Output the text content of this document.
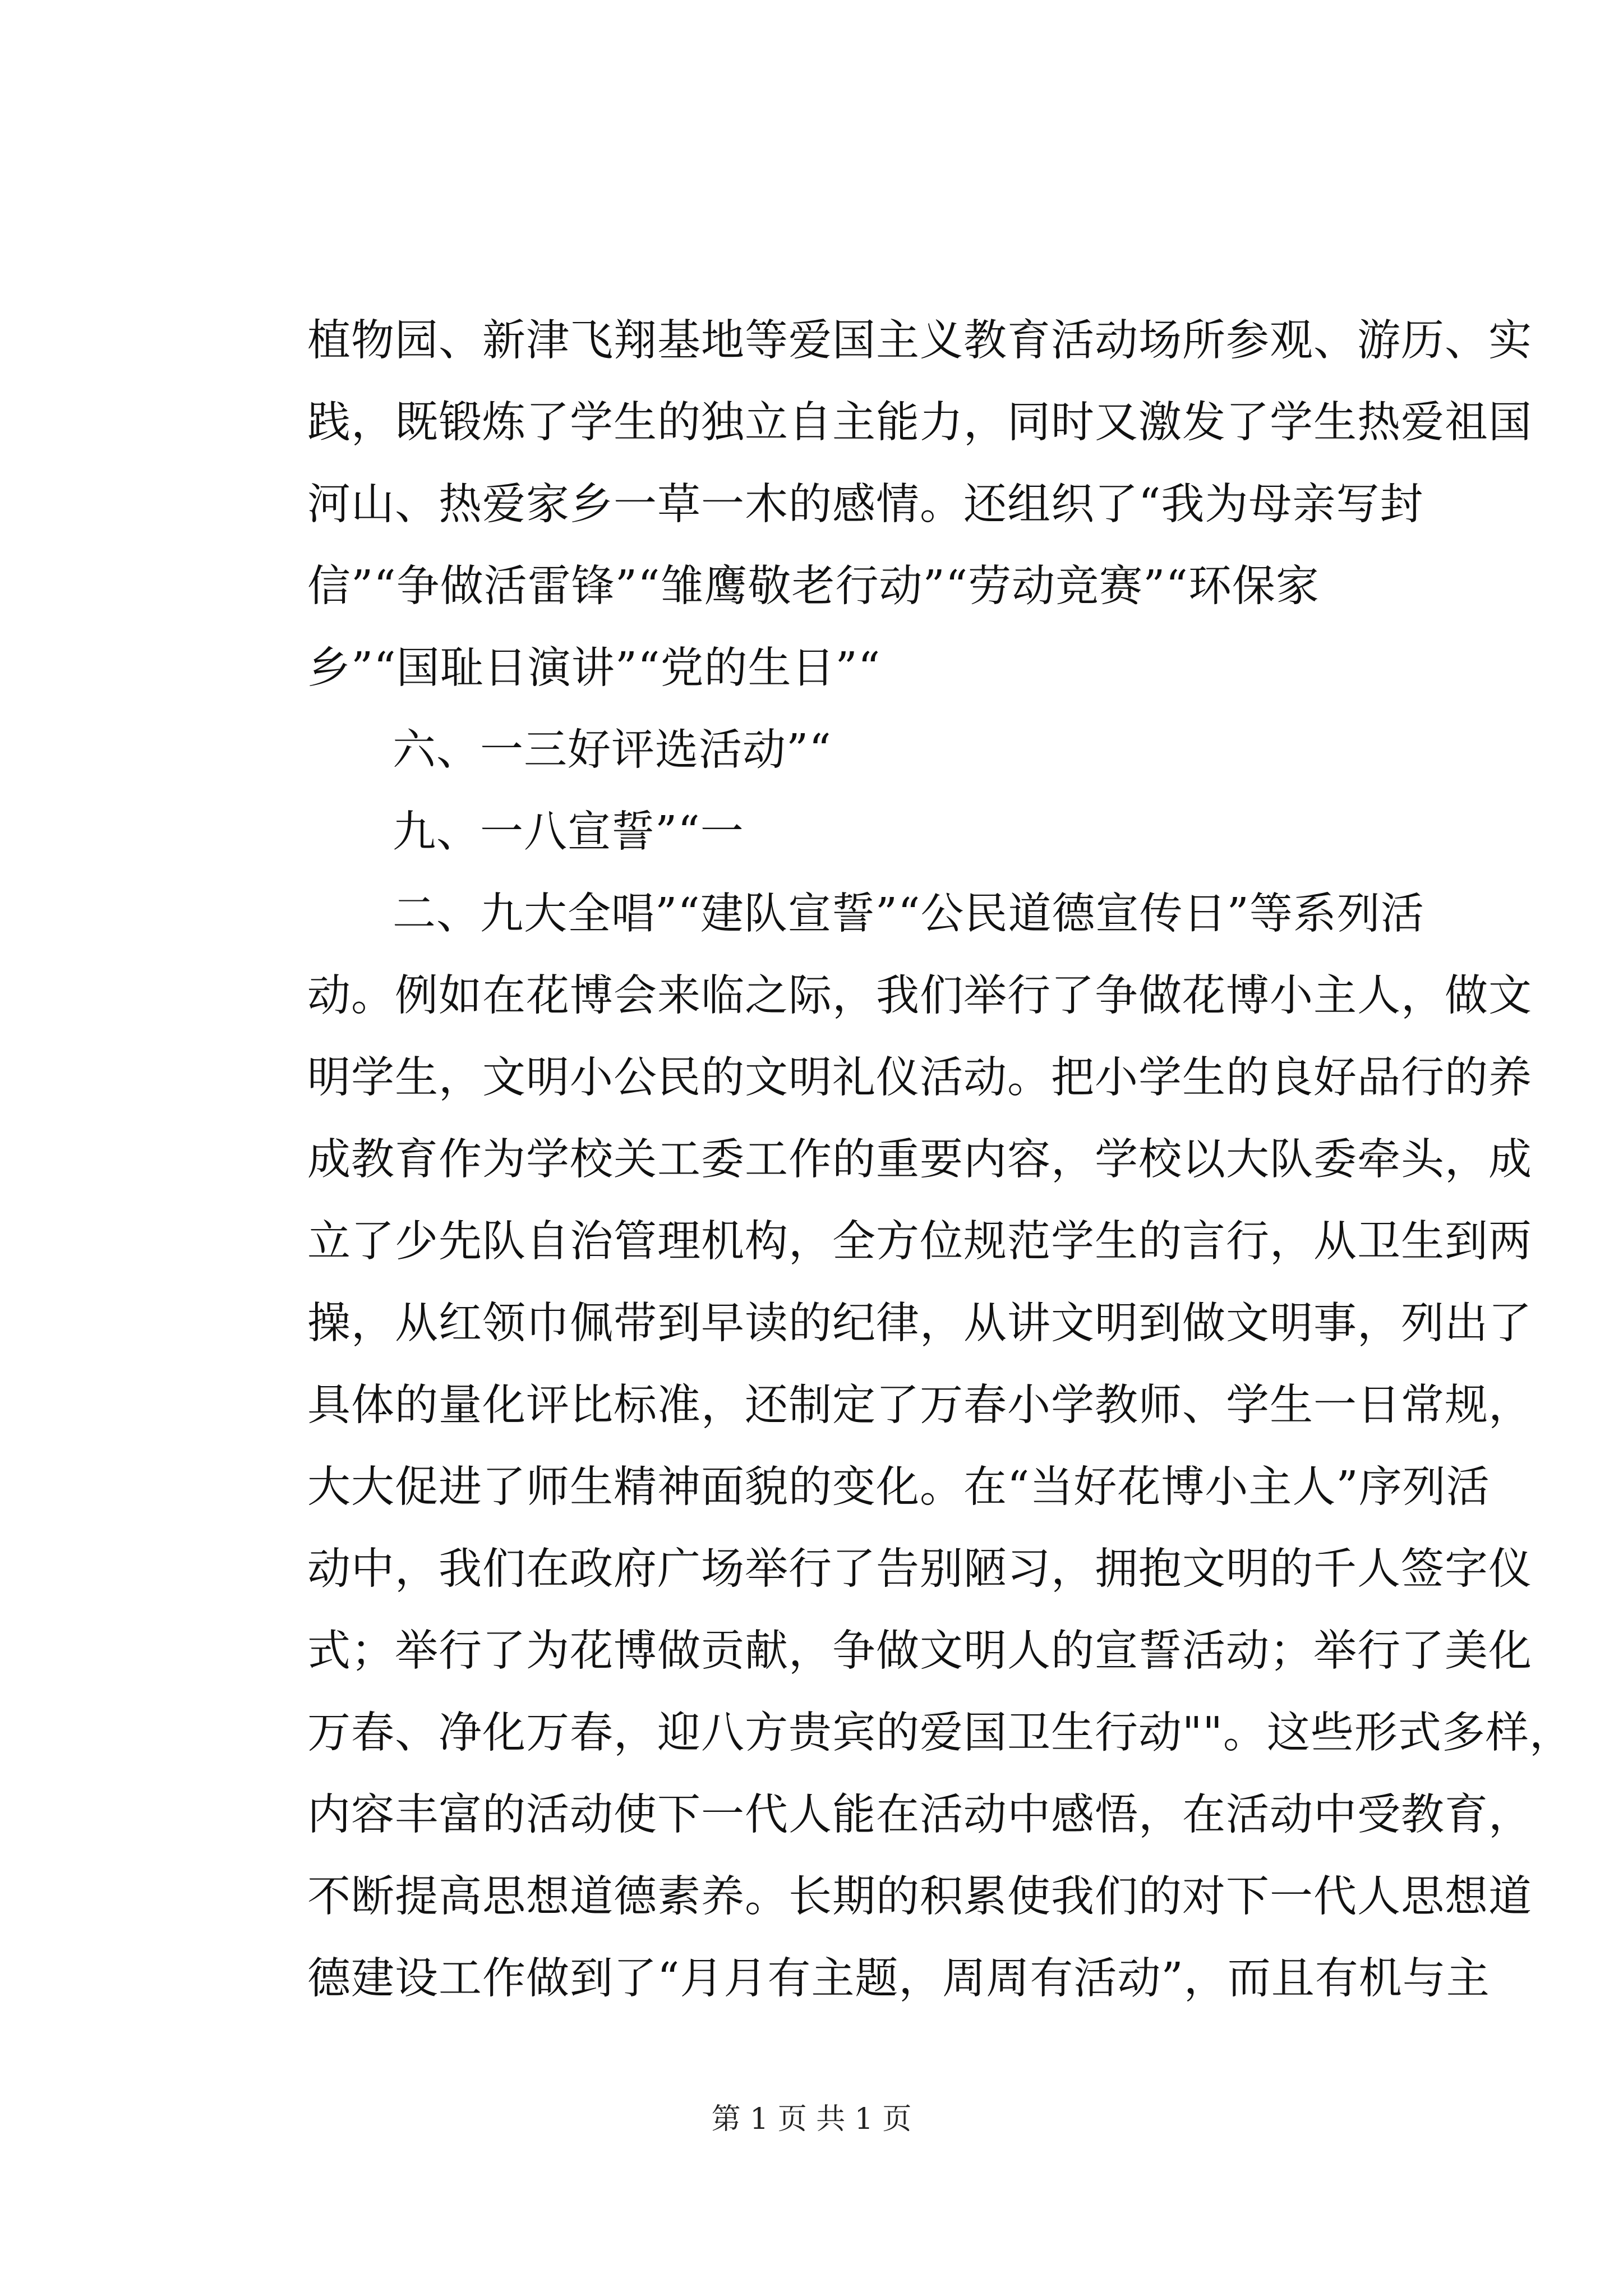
植物园、新津飞翔基地等爱国主义教育活动场所参观、游历、实
践，既锻炼了学生的独立自主能力，同时又激发了学生热爱祖国
河山、热爱家乡一草一木的感情。还组织了“我为母亲写封
信”“争做活雷锋”“雏鹰敬老行动”“劳动竞赛”“环保家
乡”“国耻日演讲”“党的生日”“
六、一三好评选活动”“
九、一八宣誓”“一
二、九大全唱”“建队宣誓”“公民道德宣传日”等系列活
动。例如在花博会来临之际，我们举行了争做花博小主人，做文
明学生，文明小公民的文明礼仪活动。把小学生的良好品行的养
成教育作为学校关工委工作的重要内容，学校以大队委牵头，成
立了少先队自治管理机构，全方位规范学生的言行，从卫生到两
操，从红领巾佩带到早读的纪律，从讲文明到做文明事，列出了
具体的量化评比标准，还制定了万春小学教师、学生一日常规，
大大促进了师生精神面貌的变化。在“当好花博小主人”序列活
动中，我们在政府广场举行了告别陋习，拥抱文明的千人签字仪
式；举行了为花博做贡献，争做文明人的宣誓活动；举行了美化
万春、净化万春，迎八方贵宾的爱国卫生行动""。这些形式多样，
内容丰富的活动使下一代人能在活动中感悟，在活动中受教育，
不断提高思想道德素养。长期的积累使我们的对下一代人思想道
德建设工作做到了“月月有主题，周周有活动”，而且有机与主
第 1 页 共 1 页
